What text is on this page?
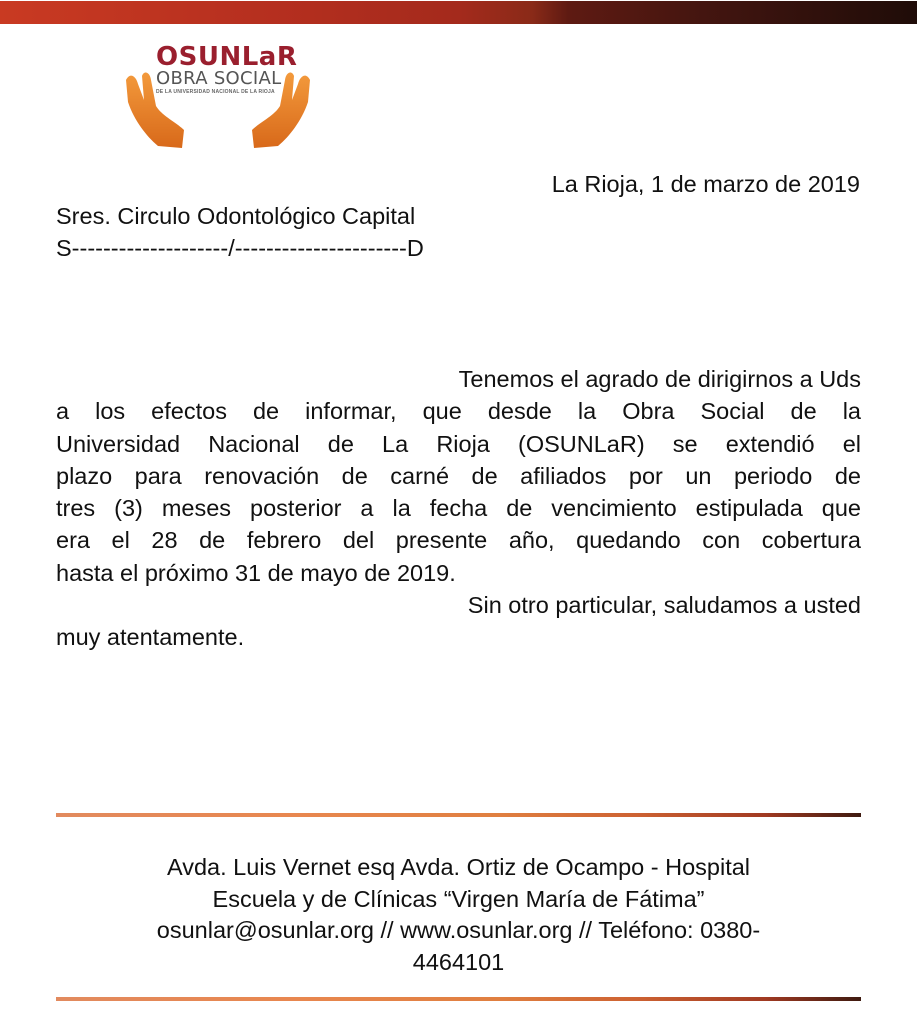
OSUNLaR
OBRA SOCIAL
DE LA UNIVERSIDAD NACIONAL DE LA RIOJA
La Rioja, 1 de marzo de 2019
Sres. Circulo Odontológico Capital
S--------------------/----------------------D

Tenemos el agrado de dirigirnos a Uds

a los efectos de informar, que desde la Obra Social de la

Universidad Nacional de La Rioja (OSUNLaR) se extendió el

plazo para renovación de carné de afiliados por un periodo de

tres (3) meses posterior a la fecha de vencimiento estipulada que

era el 28 de febrero del presente año, quedando con cobertura

hasta el próximo 31 de mayo de 2019.

Sin otro particular, saludamos a usted

muy atentamente.

Avda. Luis Vernet esq Avda. Ortiz de Ocampo - Hospital
Escuela y de Clínicas “Virgen María de Fátima”
osunlar@osunlar.org // www.osunlar.org // Teléfono: 0380-
4464101
